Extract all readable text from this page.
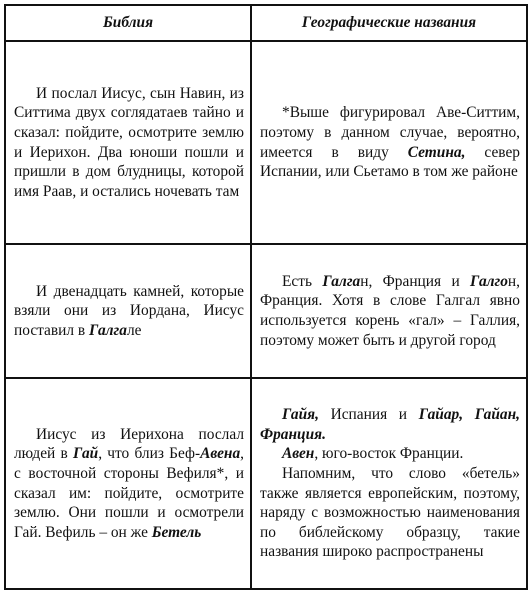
Библия	Географические названия

И послал Иисус, сын Навин, из Ситтима двух соглядатаев тайно и сказал: пойдите, осмотрите землю и Иерихон. Два юноши пошли и пришли в дом блудницы, которой имя Раав, и остались ночевать там	*Выше фигурировал Аве-Ситтим, поэтому в данном случае, вероятно, имеется в виду Сетина, север Испании, или Сьетамо в том же районе

И двенадцать камней, которые взяли они из Иордана, Иисус поставил в Галгале	Есть Галган, Франция и Галгон, Франция. Хотя в слове Галгал явно используется корень «гал» – Галлия, поэтому может быть и другой город

Иисус из Иерихона послал людей в Гай, что близ Беф-Авена, с восточной стороны Вефиля*, и сказал им: пойдите, осмотрите землю. Они пошли и осмотрели Гай. Вефиль – он же Бетель	Гайя, Испания и Гайар, Гайан, Франция.

Авен, юго-восток Франции.

Напомним, что слово «бетель» также является европейским, поэтому, наряду с возможностью наименования по библейскому образцу, такие названия широко распространены
